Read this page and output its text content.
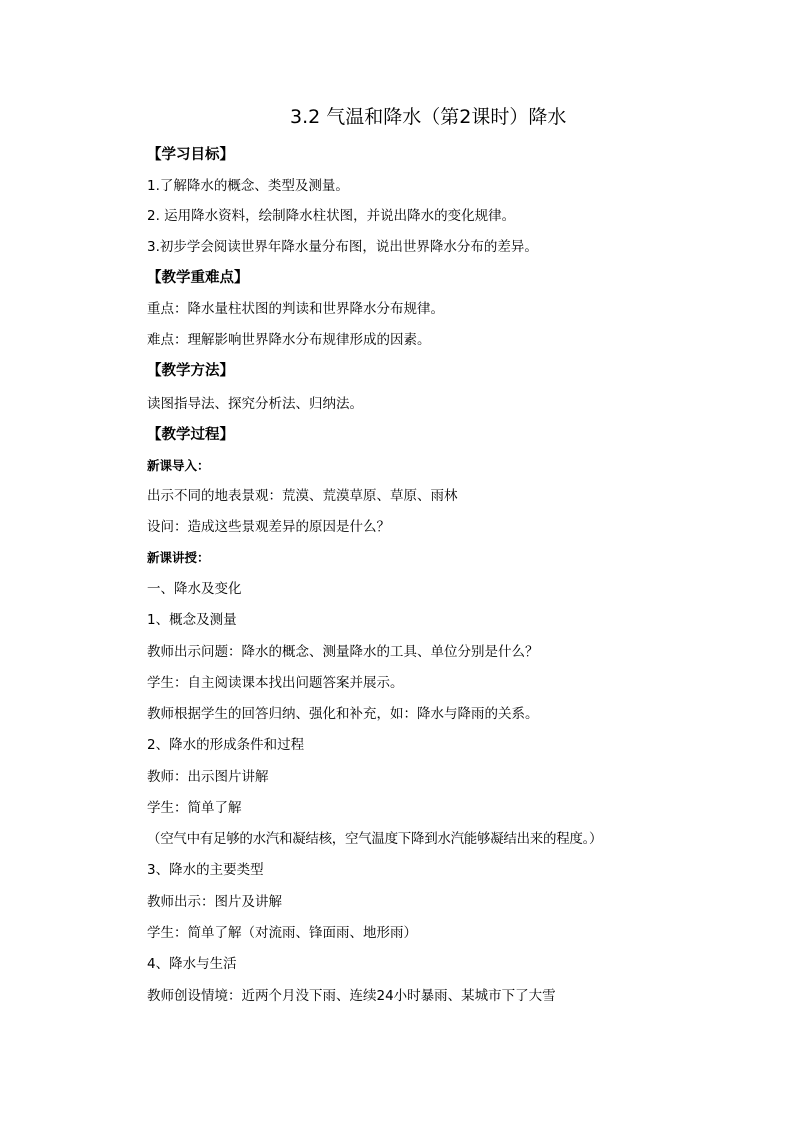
3.2 气温和降水（第2课时）降水
【学习目标】
1.了解降水的概念、类型及测量。
2. 运用降水资料，绘制降水柱状图，并说出降水的变化规律。
3.初步学会阅读世界年降水量分布图，说出世界降水分布的差异。
【教学重难点】
重点：降水量柱状图的判读和世界降水分布规律。
难点：理解影响世界降水分布规律形成的因素。
【教学方法】
读图指导法、探究分析法、归纳法。
【教学过程】
新课导入：
出示不同的地表景观：荒漠、荒漠草原、草原、雨林
设问：造成这些景观差异的原因是什么？
新课讲授：
一、降水及变化
1、概念及测量
教师出示问题：降水的概念、测量降水的工具、单位分别是什么？
学生：自主阅读课本找出问题答案并展示。
教师根据学生的回答归纳、强化和补充，如：降水与降雨的关系。
2、降水的形成条件和过程
教师：出示图片讲解
学生：简单了解
（空气中有足够的水汽和凝结核，空气温度下降到水汽能够凝结出来的程度。）
3、降水的主要类型
教师出示：图片及讲解
学生：简单了解（对流雨、锋面雨、地形雨）
4、降水与生活
教师创设情境：近两个月没下雨、连续24小时暴雨、某城市下了大雪
